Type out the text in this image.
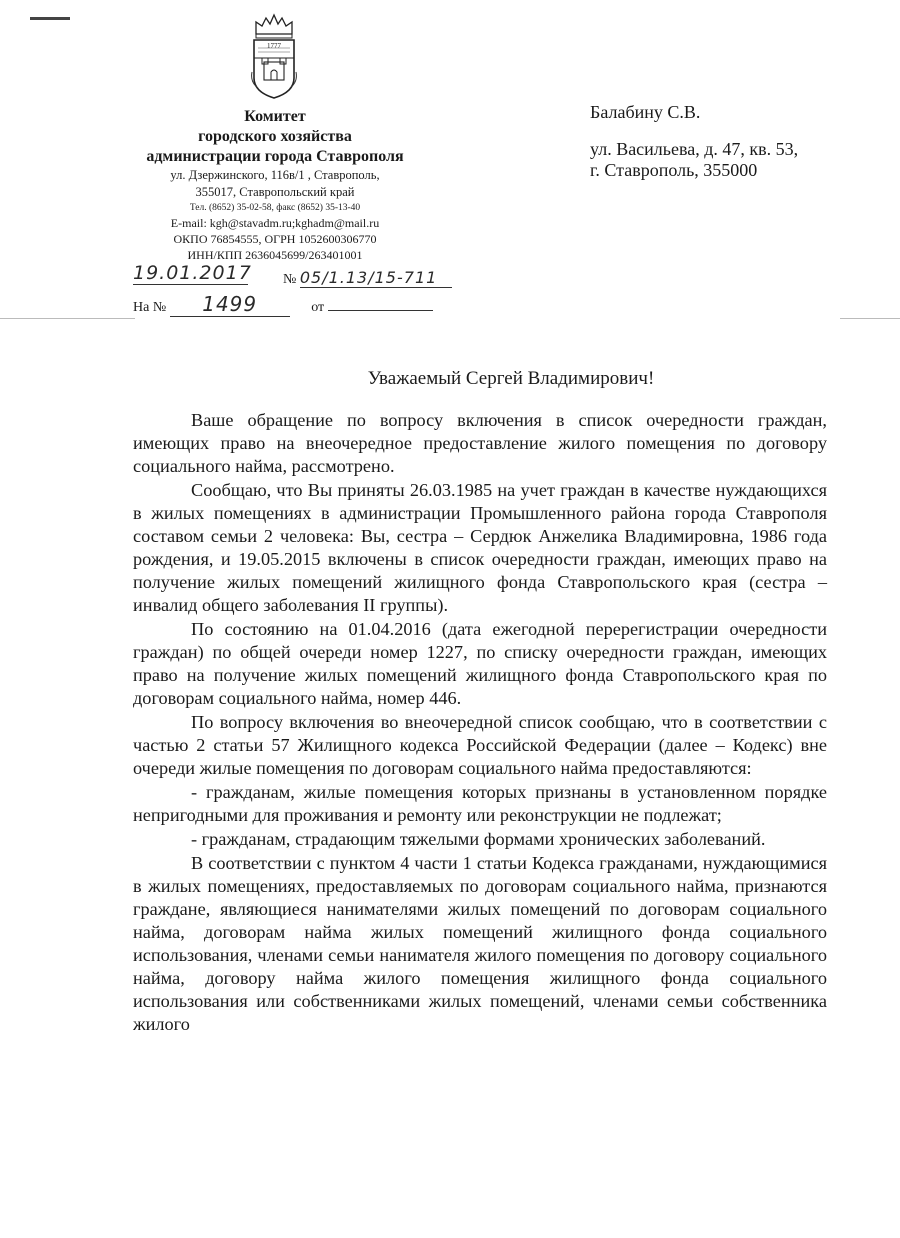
1777
Комитет
городского хозяйства
администрации города Ставрополя
ул. Дзержинского, 116в/1 , Ставрополь,
355017, Ставропольский край
Тел. (8652) 35-02-58, факс (8652) 35-13-40
E-mail: kgh@stavadm.ru;kghadm@mail.ru
ОКПО 76854555, ОГРН 1052600306770
ИНН/КПП 2636045699/263401001
19.01.2017 № 05/1.13/15-711
На № 1499	от
Балабину С.В.
ул. Васильева, д. 47, кв. 53,
г. Ставрополь, 355000
Уважаемый Сергей Владимирович!

Ваше обращение по вопросу включения в список очередности граждан, имеющих право на внеочередное предоставление жилого помещения по договору социального найма, рассмотрено.

Сообщаю, что Вы приняты 26.03.1985 на учет граждан в качестве нуждающихся в жилых помещениях в администрации Промышленного района города Ставрополя составом семьи 2 человека: Вы, сестра – Сердюк Анжелика Владимировна, 1986 года рождения, и 19.05.2015 включены в список очередности граждан, имеющих право на получение жилых помещений жилищного фонда Ставропольского края (сестра – инвалид общего заболевания II группы).

По состоянию на 01.04.2016 (дата ежегодной перерегистрации очередности граждан) по общей очереди номер 1227, по списку очередности граждан, имеющих право на получение жилых помещений жилищного фонда Ставропольского края по договорам социального найма, номер 446.

По вопросу включения во внеочередной список сообщаю, что в соответствии с частью 2 статьи 57 Жилищного кодекса Российской Федерации (далее – Кодекс) вне очереди жилые помещения по договорам социального найма предоставляются:

- гражданам, жилые помещения которых признаны в установленном порядке непригодными для проживания и ремонту или реконструкции не подлежат;

- гражданам, страдающим тяжелыми формами хронических заболеваний.

В соответствии с пунктом 4 части 1 статьи Кодекса гражданами, нуждающимися в жилых помещениях, предоставляемых по договорам социального найма, признаются граждане, являющиеся нанимателями жилых помещений по договорам социального найма, договорам найма жилых помещений жилищного фонда социального использования, членами семьи нанимателя жилого помещения по договору социального найма, договору найма жилого помещения жилищного фонда социального использования или собственниками жилых помещений, членами семьи собственника жилого
